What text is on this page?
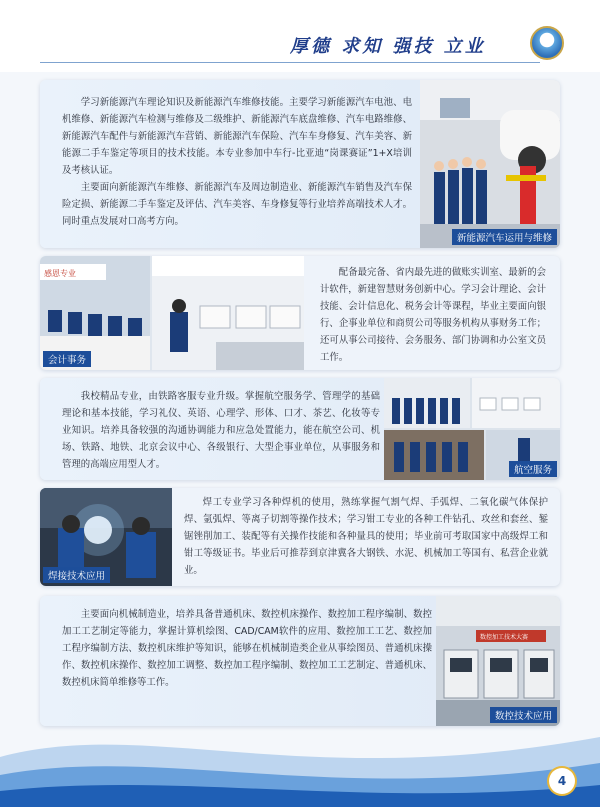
厚德 求知 强技 立业

学习新能源汽车理论知识及新能源汽车维修技能。主要学习新能源汽车电池、电机维修、新能源汽车检测与维修及二级维护、新能源汽车底盘维修、汽车电路维修、新能源汽车配件与新能源汽车营销、新能源汽车保险、汽车车身修复、汽车美容、新能源二手车鉴定等项目的技术技能。本专业参加中车行-比亚迪“岗课赛证”1+X培训及考核认证。

主要面向新能源汽车维修、新能源汽车及周边制造业、新能源汽车销售及汽车保险定损、新能源二手车鉴定及评估、汽车美容、车身修复等行业培养高端技术人才。同时重点发展对口高考方向。

新能源汽车运用与维修
感恩专业
会计事务

配备最完备、省内最先进的做账实训室、最新的会计软件，新建智慧财务创新中心。学习会计理论、会计技能、会计信息化、税务会计等课程，毕业主要面向银行、企事业单位和商贸公司等服务机构从事财务工作；还可从事公司接待、会务服务、部门协调和办公室文员工作。

我校精品专业，由铁路客服专业升级。掌握航空服务学、管理学的基础理论和基本技能，学习礼仪、英语、心理学、形体、口才、茶艺、化妆等专业知识。培养具备较强的沟通协调能力和应急处置能力，能在航空公司、机场、铁路、地铁、北京会议中心、各级银行、大型企事业单位，从事服务和管理的高端应用型人才。

航空服务
焊接技术应用

焊工专业学习各种焊机的使用，熟练掌握气割气焊、手弧焊、二氧化碳气体保护焊、氩弧焊、等离子切割等操作技术；学习钳工专业的各种工件钻孔、攻丝和套丝、錾锯锉削加工、装配等有关操作技能和各种量具的使用；毕业前可考取国家中高级焊工和钳工等级证书。毕业后可推荐到京津冀各大钢铁、水泥、机械加工等国有、私营企业就业。

主要面向机械制造业，培养具备普通机床、数控机床操作、数控加工程序编制、数控加工工艺制定等能力，掌握计算机绘图、CAD/CAM软件的应用、数控加工工艺、数控加工程序编制方法、数控机床维护等知识，能够在机械制造类企业从事绘图员、普通机床操作、数控机床操作、数控加工调整、数控加工程序编制、数控加工工艺制定、普通机床、数控机床简单维修等工作。

数控加工技术大赛
数控技术应用
4
